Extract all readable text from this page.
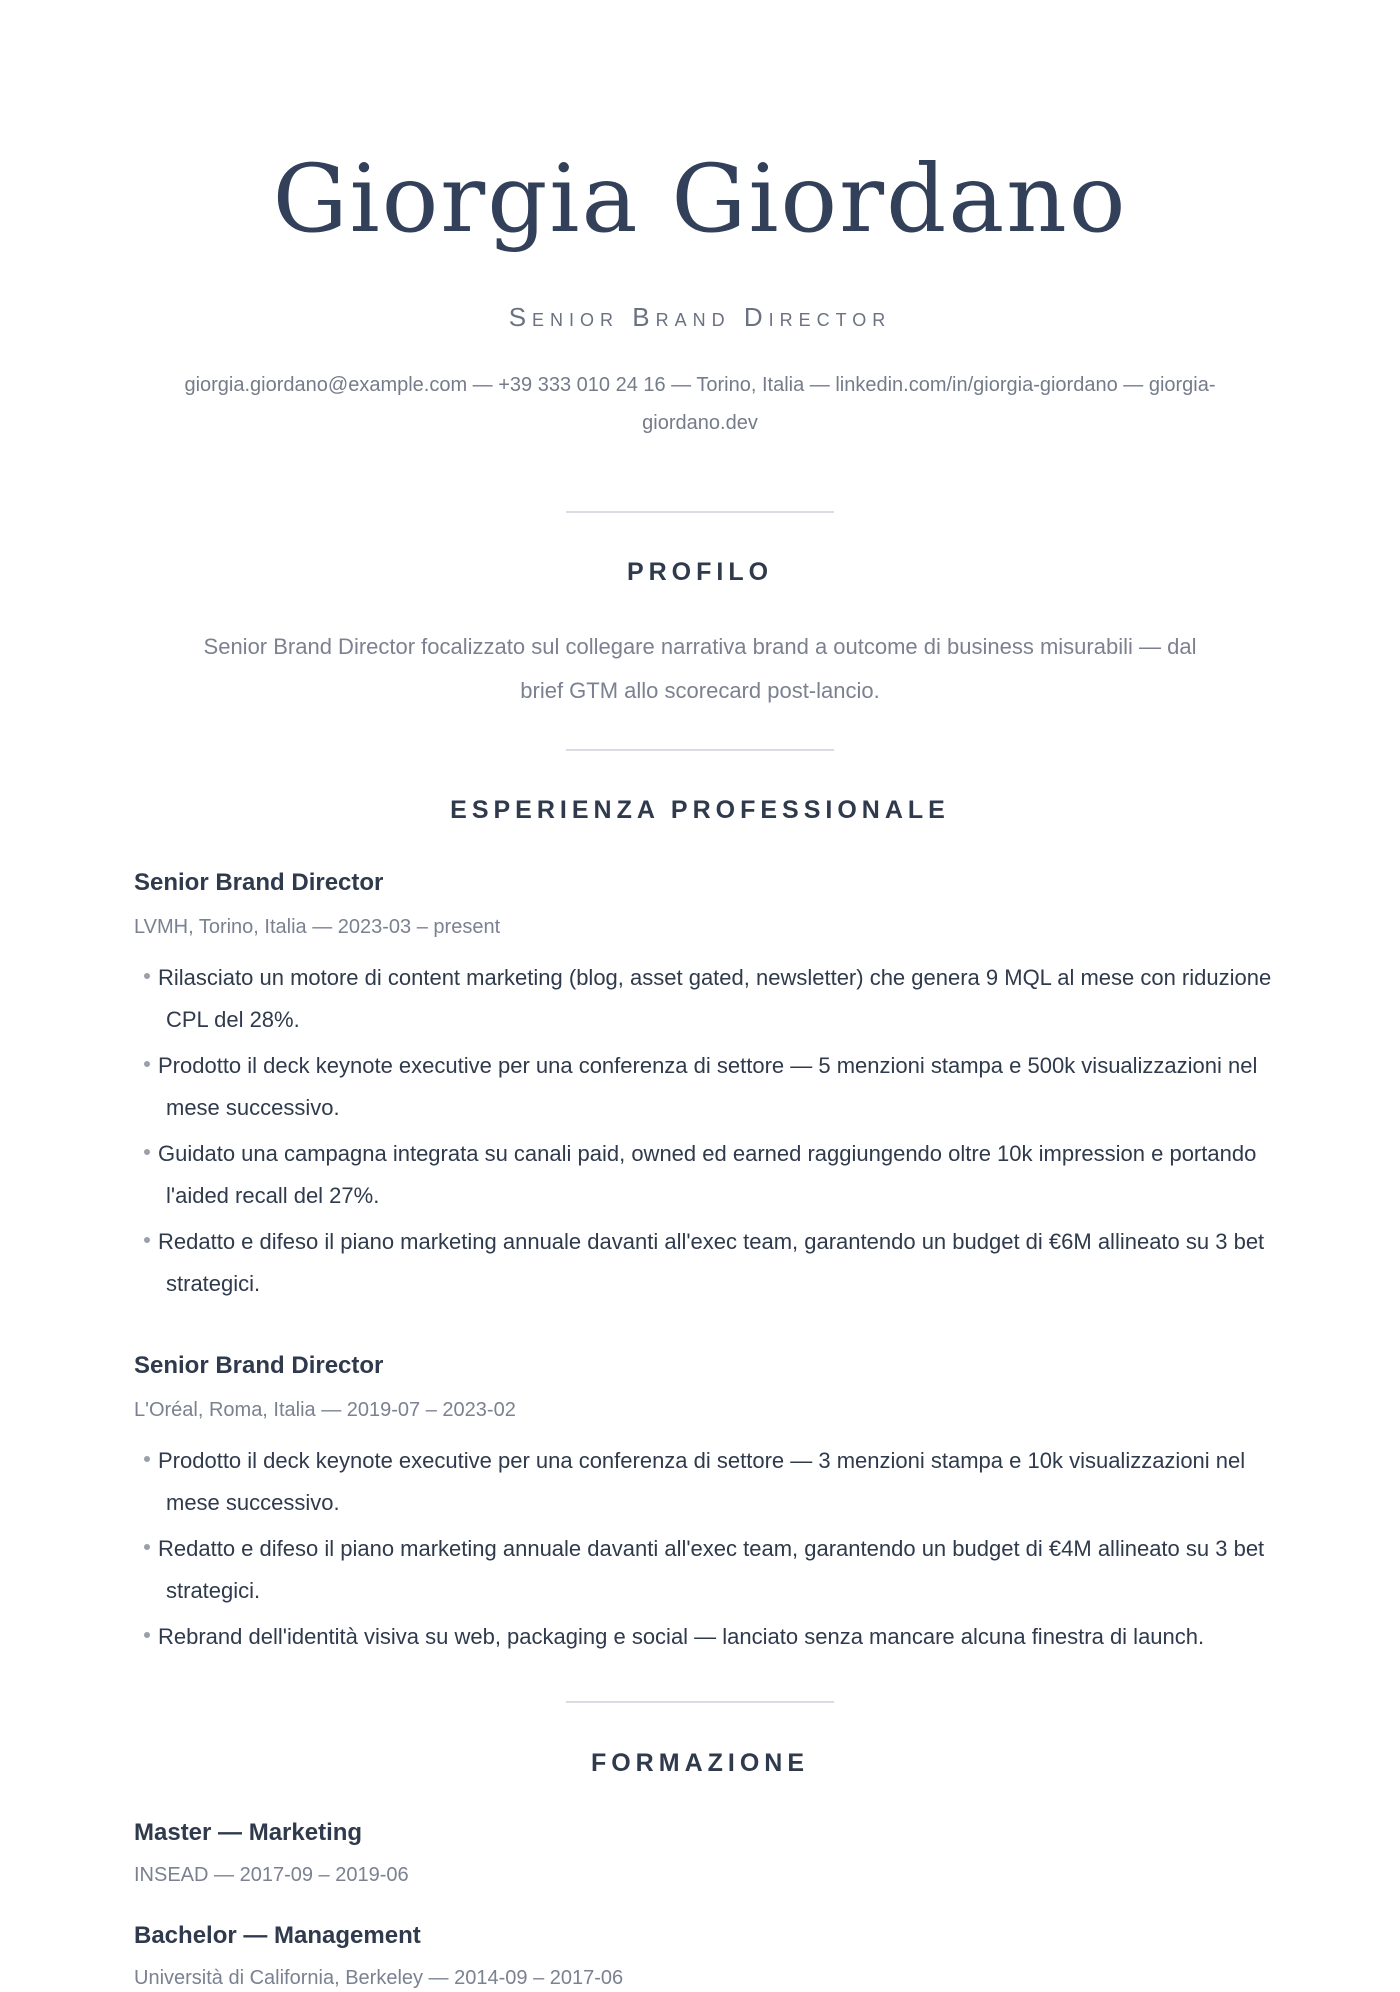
Giorgia Giordano
Senior Brand Director
giorgia.giordano@example.com — +39 333 010 24 16 — Torino, Italia — linkedin.com/in/giorgia-giordano — giorgia-giordano.dev
PROFILO
Senior Brand Director focalizzato sul collegare narrativa brand a outcome di business misurabili — dal brief GTM allo scorecard post-lancio.
ESPERIENZA PROFESSIONALE
Senior Brand Director
LVMH, Torino, Italia — 2023-03 – present
Rilasciato un motore di content marketing (blog, asset gated, newsletter) che genera 9 MQL al mese con riduzione CPL del 28%.
Prodotto il deck keynote executive per una conferenza di settore — 5 menzioni stampa e 500k visualizzazioni nel mese successivo.
Guidato una campagna integrata su canali paid, owned ed earned raggiungendo oltre 10k impression e portando l'aided recall del 27%.
Redatto e difeso il piano marketing annuale davanti all'exec team, garantendo un budget di €6M allineato su 3 bet strategici.
Senior Brand Director
L'Oréal, Roma, Italia — 2019-07 – 2023-02
Prodotto il deck keynote executive per una conferenza di settore — 3 menzioni stampa e 10k visualizzazioni nel mese successivo.
Redatto e difeso il piano marketing annuale davanti all'exec team, garantendo un budget di €4M allineato su 3 bet strategici.
Rebrand dell'identità visiva su web, packaging e social — lanciato senza mancare alcuna finestra di launch.
FORMAZIONE
Master — Marketing
INSEAD — 2017-09 – 2019-06
Bachelor — Management
Università di California, Berkeley — 2014-09 – 2017-06
